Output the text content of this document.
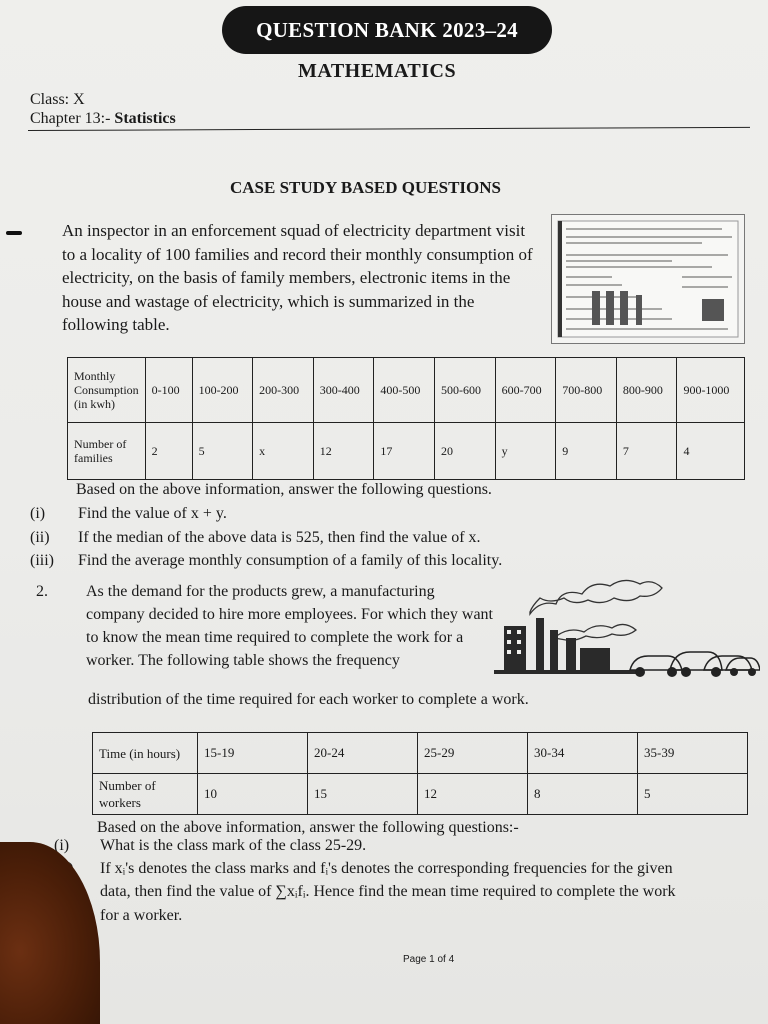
QUESTION BANK 2023–24
MATHEMATICS
Class: X
Chapter 13:- Statistics
CASE STUDY BASED QUESTIONS
An inspector in an enforcement squad of electricity department visit to a locality of 100 families and record their monthly consumption of electricity, on the basis of family members, electronic items in the house and wastage of electricity, which is summarized in the following table.
Monthly Consumption (in kwh)	0-100	100-200	200-300	300-400	400-500	500-600	600-700	700-800	800-900	900-1000
Number of families	2	5	x	12	17	20	y	9	7	4
Based on the above information, answer the following questions.
(i) Find the value of x + y.
(ii) If the median of the above data is 525, then find the value of x.
(iii) Find the average monthly consumption of a family of this locality.
2. As the demand for the products grew, a manufacturing company decided to hire more employees. For which they want to know the mean time required to complete the work for a worker. The following table shows the frequency
distribution of the time required for each worker to complete a work.
Time (in hours)	15-19	20-24	25-29	30-34	35-39
Number of workers	10	15	12	8	5
Based on the above information, answer the following questions:-
(i) What is the class mark of the class 25-29.
If xᵢ's denotes the class marks and fᵢ's denotes the corresponding frequencies for the given
data, then find the value of ∑xᵢfᵢ. Hence find the mean time required to complete the work
for a worker.
Page 1 of 4
